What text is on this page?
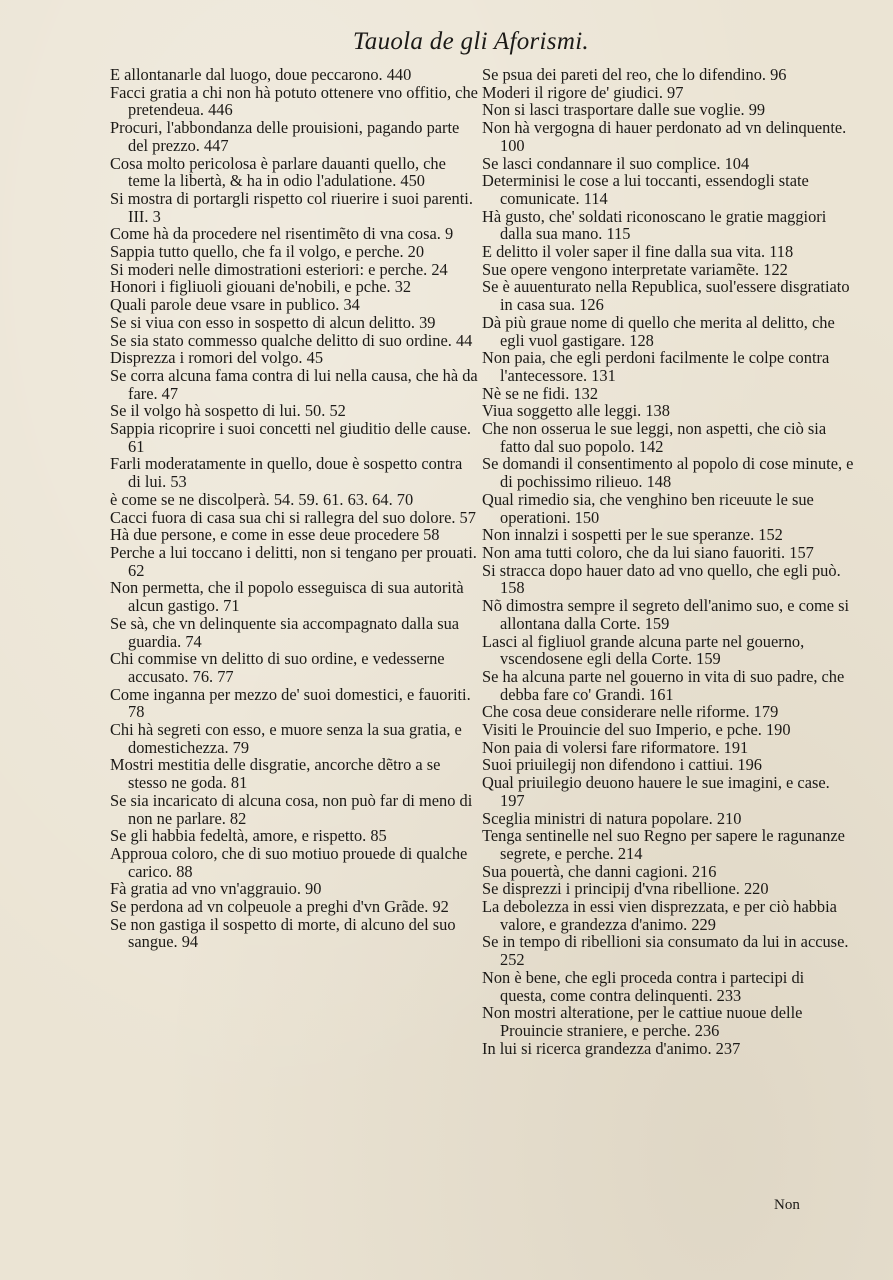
Tauola de gli Aforismi.

E allontanarle dal luogo, doue peccarono. 440

Facci gratia a chi non hà potuto ottenere vno offitio, che pretendeua. 446

Procuri, l'abbondanza delle prouisioni, pagando parte del prezzo. 447

Cosa molto pericolosa è parlare dauanti quello, che teme la libertà, & ha in odio l'adulatione. 450

Si mostra di portargli rispetto col riuerire i suoi parenti. III. 3

Come hà da procedere nel risentimẽto di vna cosa. 9

Sappia tutto quello, che fa il volgo, e perche. 20

Si moderi nelle dimostrationi esteriori: e perche. 24

Honori i figliuoli giouani de'nobili, e pche. 32

Quali parole deue vsare in publico. 34

Se si viua con esso in sospetto di alcun delitto. 39

Se sia stato commesso qualche delitto di suo ordine. 44

Disprezza i romori del volgo. 45

Se corra alcuna fama contra di lui nella causa, che hà da fare. 47

Se il volgo hà sospetto di lui. 50. 52

Sappia ricoprire i suoi concetti nel giuditio delle cause. 61

Farli moderatamente in quello, doue è sospetto contra di lui. 53

è come se ne discolperà. 54. 59. 61. 63. 64. 70

Cacci fuora di casa sua chi si rallegra del suo dolore. 57

Hà due persone, e come in esse deue procedere 58

Perche a lui toccano i delitti, non si tengano per prouati. 62

Non permetta, che il popolo esseguisca di sua autorità alcun gastigo. 71

Se sà, che vn delinquente sia accompagnato dalla sua guardia. 74

Chi commise vn delitto di suo ordine, e vedesserne accusato. 76. 77

Come inganna per mezzo de' suoi domestici, e fauoriti. 78

Chi hà segreti con esso, e muore senza la sua gratia, e domestichezza. 79

Mostri mestitia delle disgratie, ancorche dẽtro a se stesso ne goda. 81

Se sia incaricato di alcuna cosa, non può far di meno di non ne parlare. 82

Se gli habbia fedeltà, amore, e rispetto. 85

Approua coloro, che di suo motiuo prouede di qualche carico. 88

Fà gratia ad vno vn'aggrauio. 90

Se perdona ad vn colpeuole a preghi d'vn Grãde. 92

Se non gastiga il sospetto di morte, di alcuno del suo sangue. 94

Se psua dei pareti del reo, che lo difendino. 96

Moderi il rigore de' giudici. 97

Non si lasci trasportare dalle sue voglie. 99

Non hà vergogna di hauer perdonato ad vn delinquente. 100

Se lasci condannare il suo complice. 104

Determinisi le cose a lui toccanti, essendogli state comunicate. 114

Hà gusto, che' soldati riconoscano le gratie maggiori dalla sua mano. 115

E delitto il voler saper il fine dalla sua vita. 118

Sue opere vengono interpretate variamẽte. 122

Se è auuenturato nella Republica, suol'essere disgratiato in casa sua. 126

Dà più graue nome di quello che merita al delitto, che egli vuol gastigare. 128

Non paia, che egli perdoni facilmente le colpe contra l'antecessore. 131

Nè se ne fidi. 132

Viua soggetto alle leggi. 138

Che non osserua le sue leggi, non aspetti, che ciò sia fatto dal suo popolo. 142

Se domandi il consentimento al popolo di cose minute, e di pochissimo rilieuo. 148

Qual rimedio sia, che venghino ben riceuute le sue operationi. 150

Non innalzi i sospetti per le sue speranze. 152

Non ama tutti coloro, che da lui siano fauoriti. 157

Si stracca dopo hauer dato ad vno quello, che egli può. 158

Nõ dimostra sempre il segreto dell'animo suo, e come si allontana dalla Corte. 159

Lasci al figliuol grande alcuna parte nel gouerno, vscendosene egli della Corte. 159

Se ha alcuna parte nel gouerno in vita di suo padre, che debba fare co' Grandi. 161

Che cosa deue considerare nelle riforme. 179

Visiti le Prouincie del suo Imperio, e pche. 190

Non paia di volersi fare riformatore. 191

Suoi priuilegij non difendono i cattiui. 196

Qual priuilegio deuono hauere le sue imagini, e case. 197

Sceglia ministri di natura popolare. 210

Tenga sentinelle nel suo Regno per sapere le ragunanze segrete, e perche. 214

Sua pouertà, che danni cagioni. 216

Se disprezzi i principij d'vna ribellione. 220

La debolezza in essi vien disprezzata, e per ciò habbia valore, e grandezza d'animo. 229

Se in tempo di ribellioni sia consumato da lui in accuse. 252

Non è bene, che egli proceda contra i partecipi di questa, come contra delinquenti. 233

Non mostri alteratione, per le cattiue nuoue delle Prouincie straniere, e perche. 236

In lui si ricerca grandezza d'animo. 237

Non
